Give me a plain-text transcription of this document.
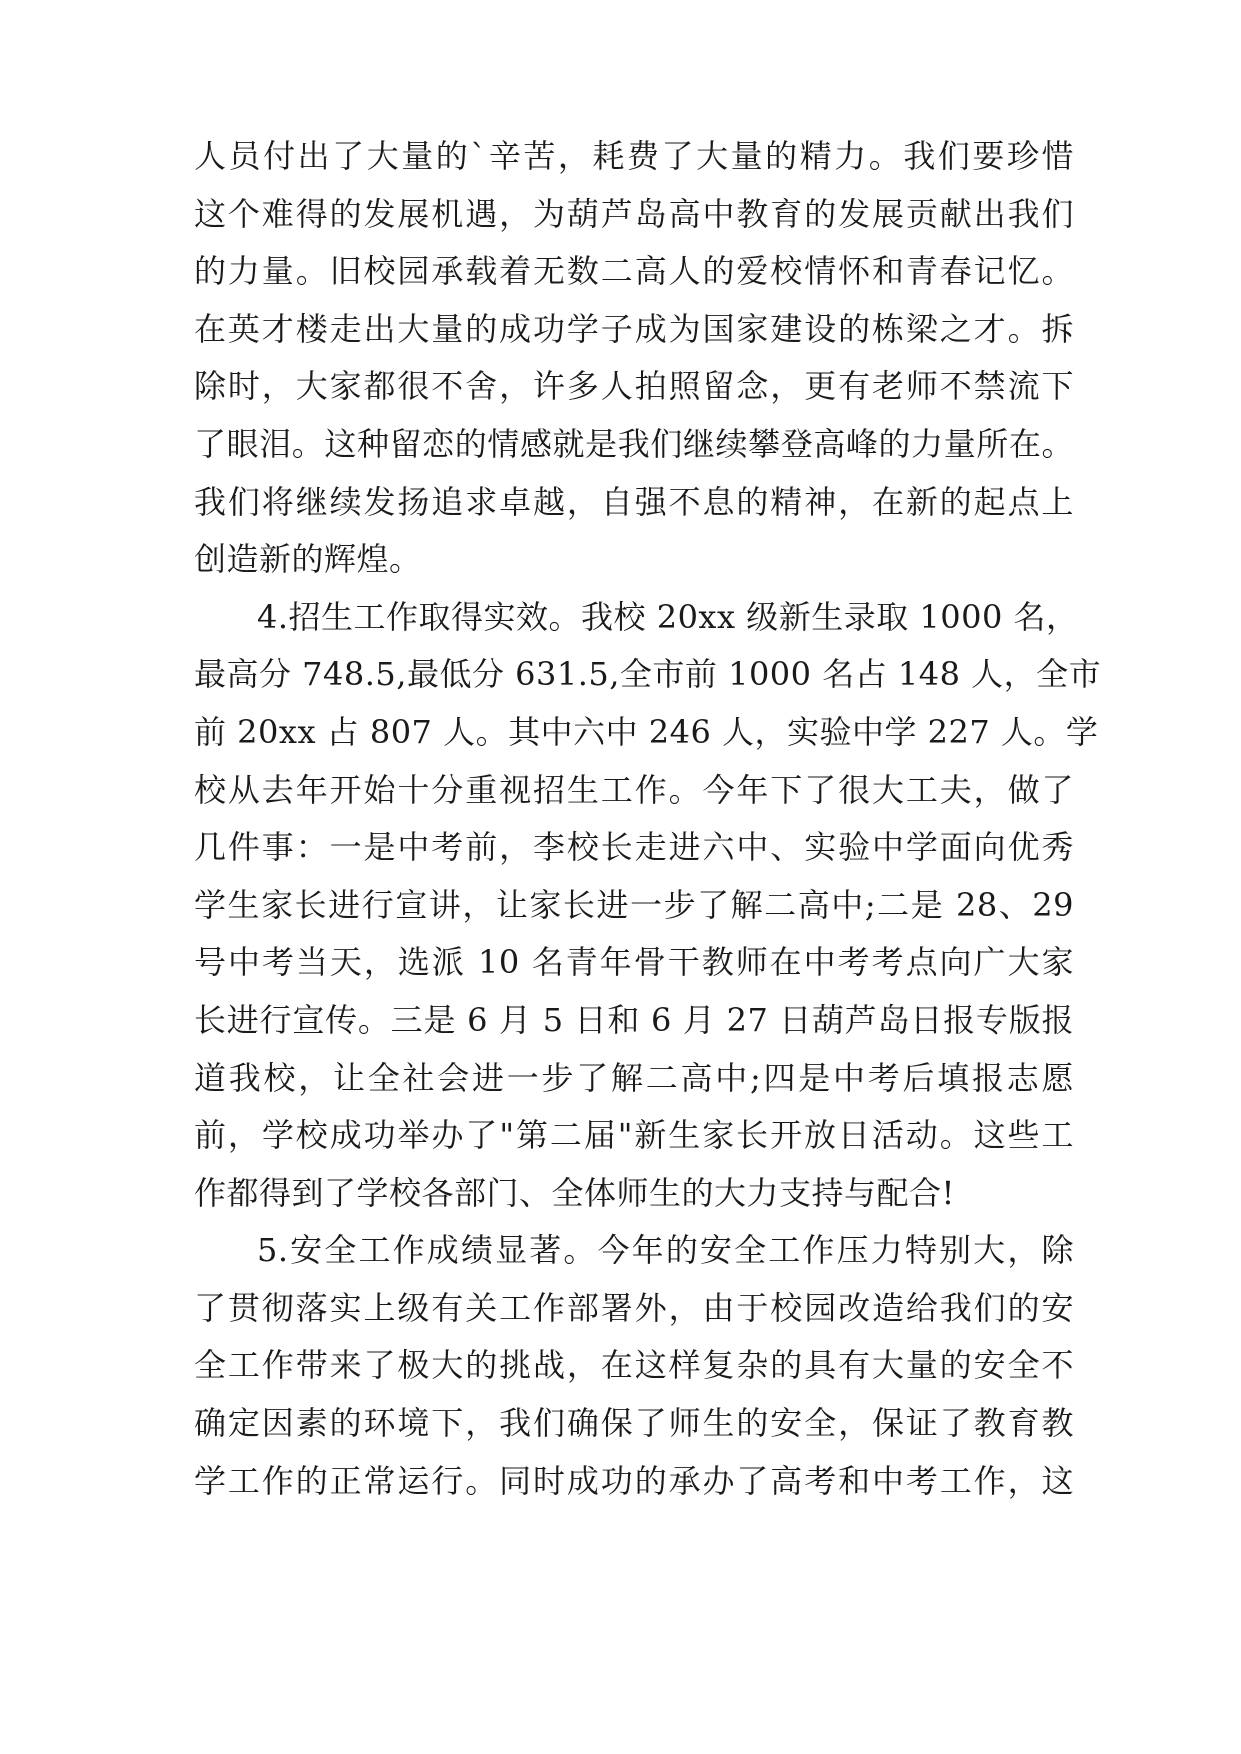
人员付出了大量的`辛苦，耗费了大量的精力。我们要珍惜
这个难得的发展机遇，为葫芦岛高中教育的发展贡献出我们
的力量。旧校园承载着无数二高人的爱校情怀和青春记忆。
在英才楼走出大量的成功学子成为国家建设的栋梁之才。拆
除时，大家都很不舍，许多人拍照留念，更有老师不禁流下
了眼泪。这种留恋的情感就是我们继续攀登高峰的力量所在。
我们将继续发扬追求卓越，自强不息的精神，在新的起点上
创造新的辉煌。
4.招生工作取得实效。我校 20xx 级新生录取 1000 名，
最高分 748.5,最低分 631.5,全市前 1000 名占 148 人，全市
前 20xx 占 807 人。其中六中 246 人，实验中学 227 人。学
校从去年开始十分重视招生工作。今年下了很大工夫，做了
几件事：一是中考前，李校长走进六中、实验中学面向优秀
学生家长进行宣讲，让家长进一步了解二高中;二是 28、29
号中考当天，选派 10 名青年骨干教师在中考考点向广大家
长进行宣传。三是 6 月 5 日和 6 月 27 日葫芦岛日报专版报
道我校，让全社会进一步了解二高中;四是中考后填报志愿
前，学校成功举办了"第二届"新生家长开放日活动。这些工
作都得到了学校各部门、全体师生的大力支持与配合!
5.安全工作成绩显著。今年的安全工作压力特别大，除
了贯彻落实上级有关工作部署外，由于校园改造给我们的安
全工作带来了极大的挑战，在这样复杂的具有大量的安全不
确定因素的环境下，我们确保了师生的安全，保证了教育教
学工作的正常运行。同时成功的承办了高考和中考工作，这
